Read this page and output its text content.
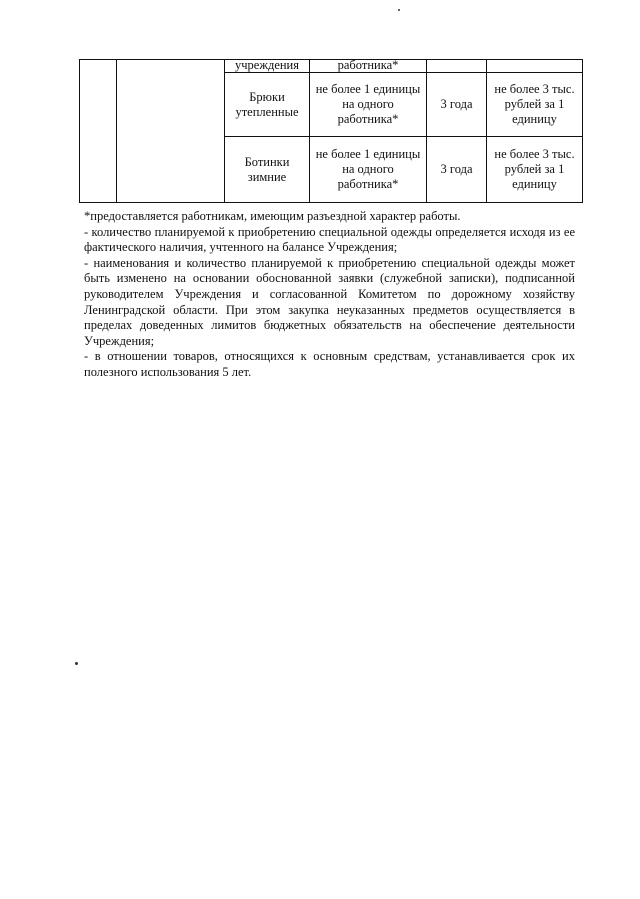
		учреждения	работника*		
		Брюки утепленные	не более 1 единицы на одного работника*	3 года	не более 3 тыс. рублей за 1 единицу
		Ботинки зимние	не более 1 единицы на одного работника*	3 года	не более 3 тыс. рублей за 1 единицу

*предоставляется работникам, имеющим разъездной характер работы.

- количество планируемой к приобретению специальной одежды определяется исходя из ее фактического наличия, учтенного на балансе Учреждения;

- наименования и количество планируемой к приобретению специальной одежды может быть изменено на основании обоснованной заявки (служебной записки), подписанной руководителем Учреждения и согласованной Комитетом по дорожному хозяйству Ленинградской области. При этом закупка неуказанных предметов осуществляется в пределах доведенных лимитов бюджетных обязательств на обеспечение деятельности Учреждения;

- в отношении товаров, относящихся к основным средствам, устанавливается срок их полезного использования 5 лет.
